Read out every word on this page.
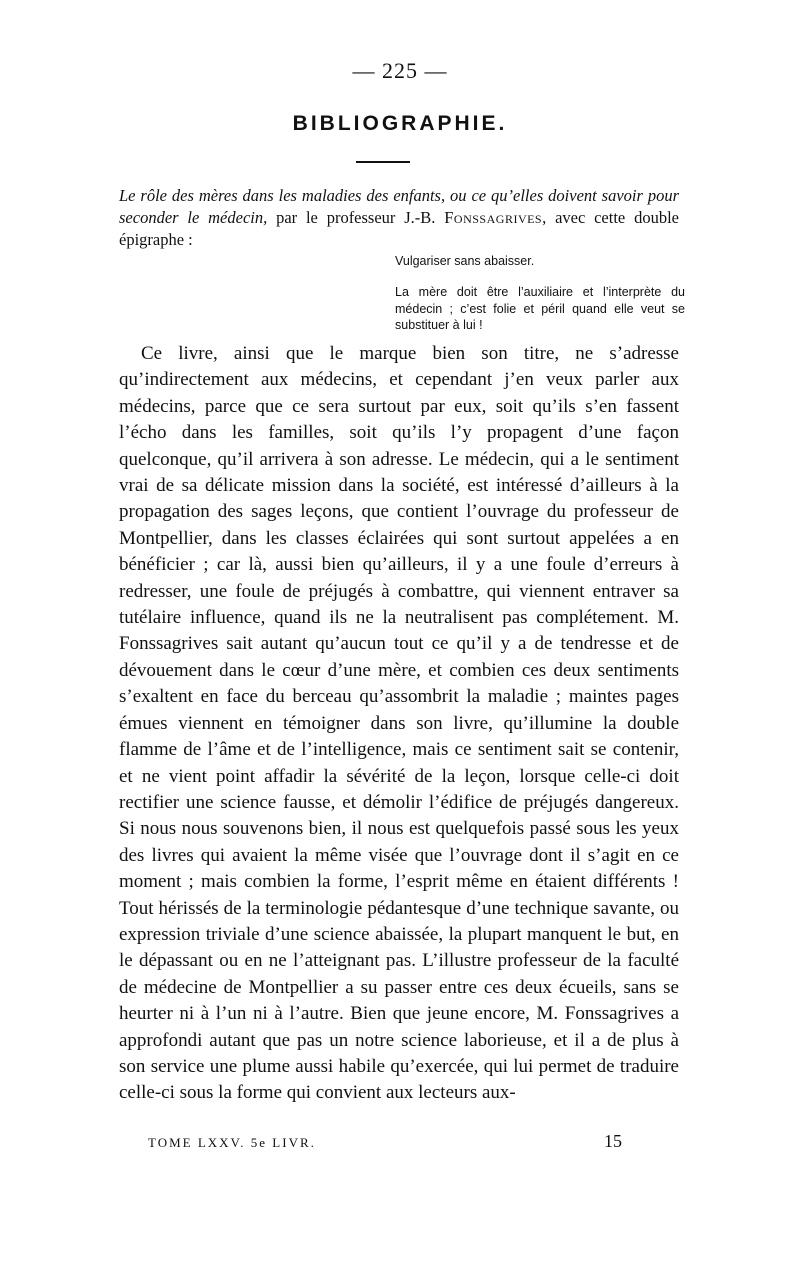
— 225 —
BIBLIOGRAPHIE.
Le rôle des mères dans les maladies des enfants, ou ce qu’elles doivent savoir pour seconder le médecin, par le professeur J.-B. Fonssagrives, avec cette double épigraphe :
Vulgariser sans abaisser.
La mère doit être l’auxiliaire et l’interprète du médecin ; c’est folie et péril quand elle veut se substituer à lui !

Ce livre, ainsi que le marque bien son titre, ne s’adresse qu’indirectement aux médecins, et cependant j’en veux parler aux médecins, parce que ce sera surtout par eux, soit qu’ils s’en fassent l’écho dans les familles, soit qu’ils l’y propagent d’une façon quelconque, qu’il arrivera à son adresse. Le médecin, qui a le sentiment vrai de sa délicate mission dans la société, est intéressé d’ailleurs à la propagation des sages leçons, que contient l’ouvrage du professeur de Montpellier, dans les classes éclairées qui sont surtout appelées a en bénéficier ; car là, aussi bien qu’ailleurs, il y a une foule d’erreurs à redresser, une foule de préjugés à combattre, qui viennent entraver sa tutélaire influence, quand ils ne la neutralisent pas complétement. M. Fonssagrives sait autant qu’aucun tout ce qu’il y a de tendresse et de dévouement dans le cœur d’une mère, et combien ces deux sentiments s’exaltent en face du berceau qu’assombrit la maladie ; maintes pages émues viennent en témoigner dans son livre, qu’illumine la double flamme de l’âme et de l’intelligence, mais ce sentiment sait se contenir, et ne vient point affadir la sévérité de la leçon, lorsque celle-ci doit rectifier une science fausse, et démolir l’édifice de préjugés dangereux. Si nous nous souvenons bien, il nous est quelquefois passé sous les yeux des livres qui avaient la même visée que l’ouvrage dont il s’agit en ce moment ; mais combien la forme, l’esprit même en étaient différents ! Tout hérissés de la terminologie pédantesque d’une technique savante, ou expression triviale d’une science abaissée, la plupart manquent le but, en le dépassant ou en ne l’atteignant pas. L’illustre professeur de la faculté de médecine de Montpellier a su passer entre ces deux écueils, sans se heurter ni à l’un ni à l’autre. Bien que jeune encore, M. Fonssagrives a approfondi autant que pas un notre science laborieuse, et il a de plus à son service une plume aussi habile qu’exercée, qui lui permet de traduire celle-ci sous la forme qui convient aux lecteurs aux-

TOME LXXV. 5e LIVR.	15
